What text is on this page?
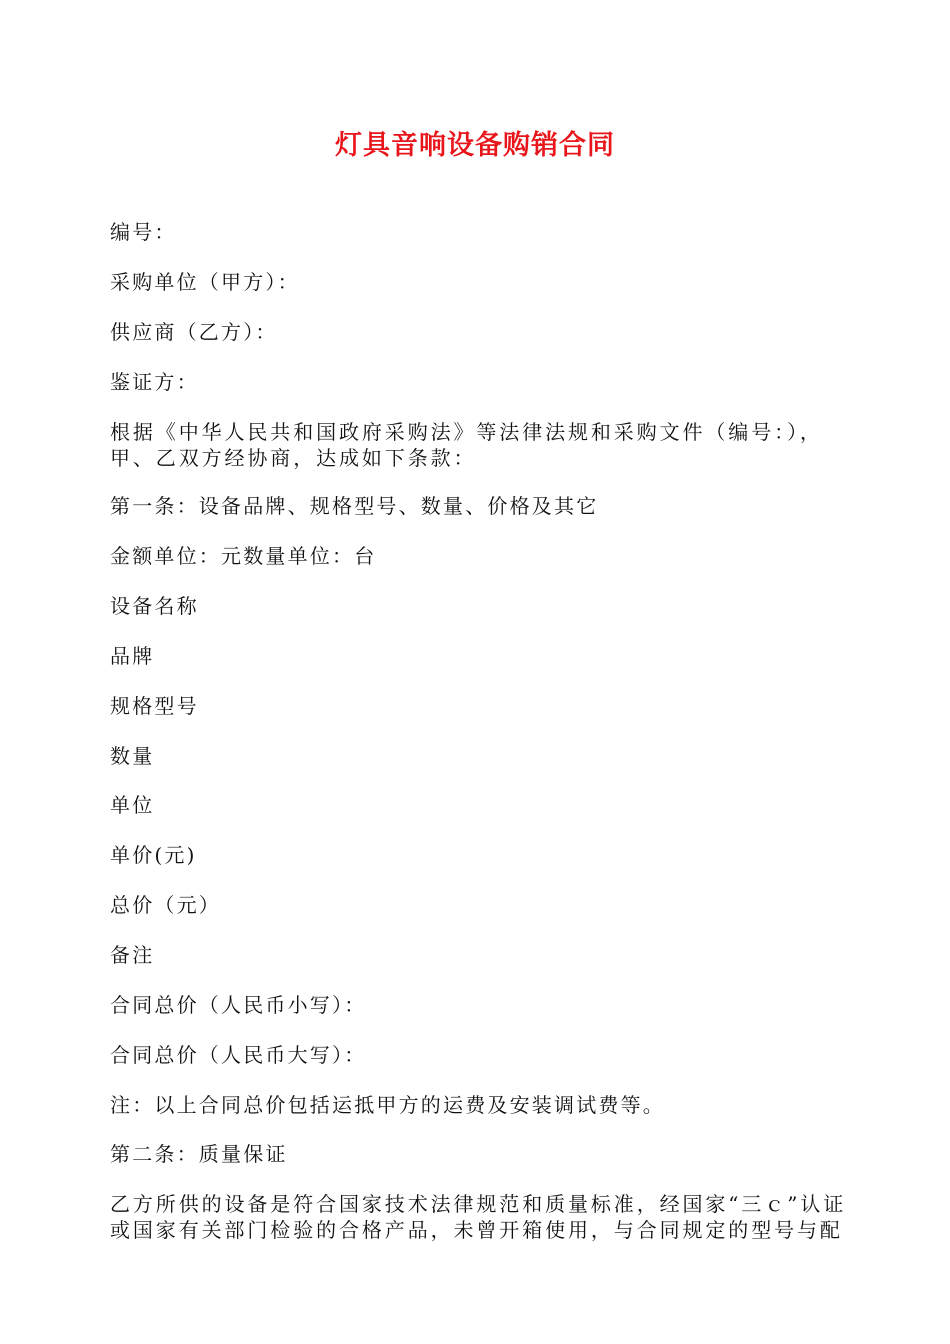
灯具音响设备购销合同
编号：
采购单位（甲方）：
供应商（乙方）：
鉴证方：
根据《中华人民共和国政府采购法》等法律法规和采购文件（编号：），
甲、乙双方经协商，达成如下条款：
第一条：设备品牌、规格型号、数量、价格及其它
金额单位：元数量单位：台
设备名称
品牌
规格型号
数量
单位
单价(元)
总价（元）
备注
合同总价（人民币小写）：
合同总价（人民币大写）：
注：以上合同总价包括运抵甲方的运费及安装调试费等。
第二条：质量保证
乙方所供的设备是符合国家技术法律规范和质量标准，经国家“三ｃ”认证
或国家有关部门检验的合格产品，未曾开箱使用，与合同规定的型号与配
